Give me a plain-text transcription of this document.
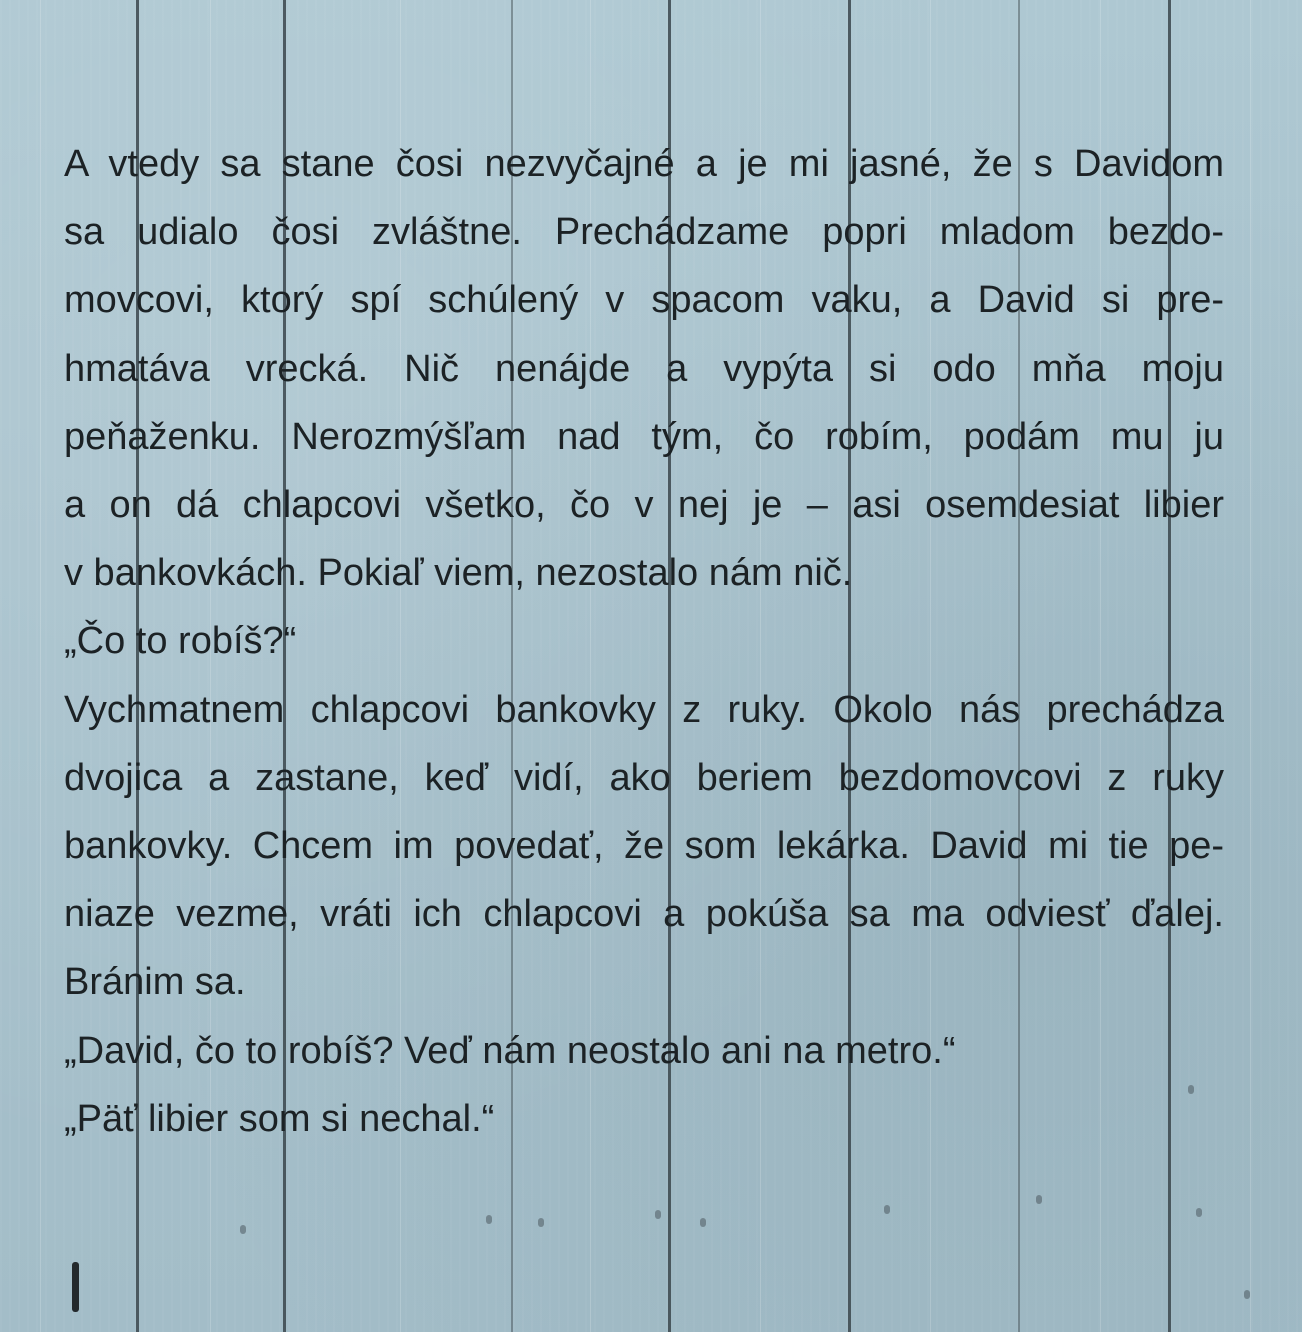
A vtedy sa stane čosi nezvyčajné a je mi jasné, že s Davidom
sa udialo čosi zvláštne. Prechádzame popri mladom bezdo-
movcovi, ktorý spí schúlený v spacom vaku, a David si pre-
hmatáva vrecká. Nič nenájde a vypýta si odo mňa moju
peňaženku. Nerozmýšľam nad tým, čo robím, podám mu ju
a on dá chlapcovi všetko, čo v nej je – asi osemdesiat libier
v bankovkách. Pokiaľ viem, nezostalo nám nič.
„Čo to robíš?“
Vychmatnem chlapcovi bankovky z ruky. Okolo nás prechádza
dvojica a zastane, keď vidí, ako beriem bezdomovcovi z ruky
bankovky. Chcem im povedať, že som lekárka. David mi tie pe-
niaze vezme, vráti ich chlapcovi a pokúša sa ma odviesť ďalej.
Bránim sa.
„David, čo to robíš? Veď nám neostalo ani na metro.“
„Päť libier som si nechal.“
